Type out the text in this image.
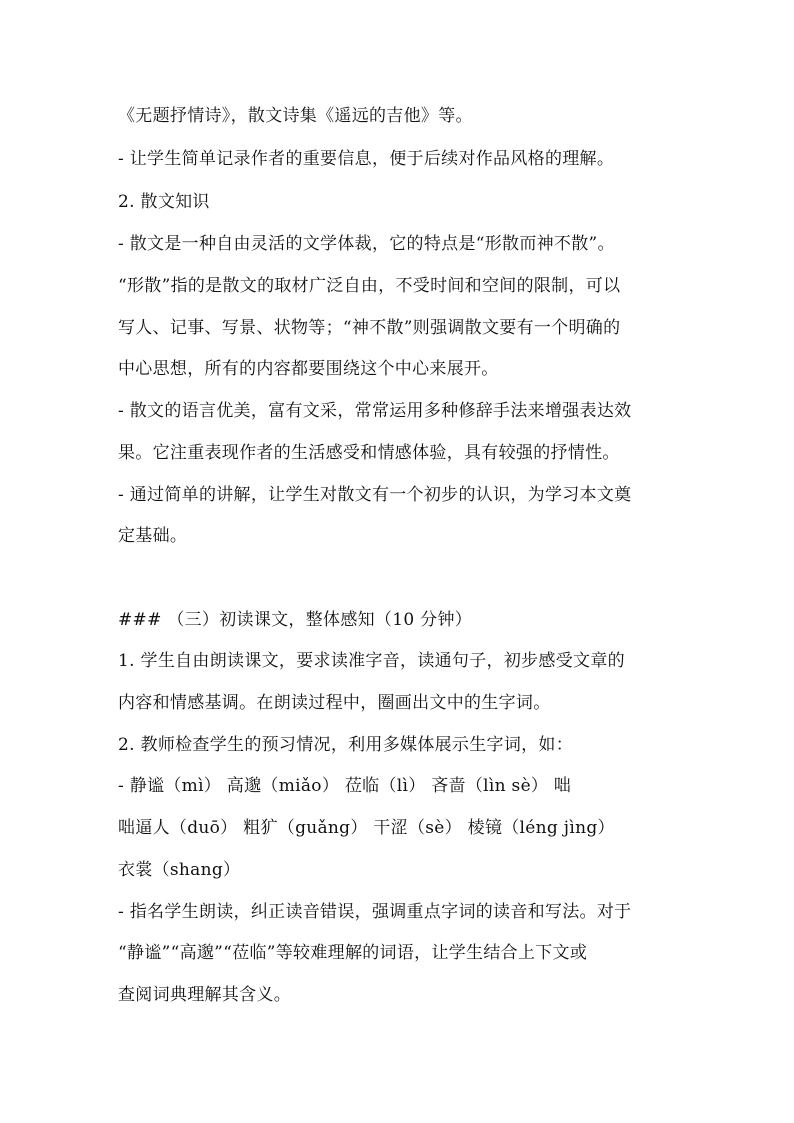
《无题抒情诗》，散文诗集《遥远的吉他》等。
- 让学生简单记录作者的重要信息，便于后续对作品风格的理解。
2. 散文知识
- 散文是一种自由灵活的文学体裁，它的特点是“形散而神不散”。
“形散”指的是散文的取材广泛自由，不受时间和空间的限制，可以
写人、记事、写景、状物等；“神不散”则强调散文要有一个明确的
中心思想，所有的内容都要围绕这个中心来展开。
- 散文的语言优美，富有文采，常常运用多种修辞手法来增强表达效
果。它注重表现作者的生活感受和情感体验，具有较强的抒情性。
- 通过简单的讲解，让学生对散文有一个初步的认识，为学习本文奠
定基础。
### （三）初读课文，整体感知（10 分钟）
1. 学生自由朗读课文，要求读准字音，读通句子，初步感受文章的
内容和情感基调。在朗读过程中，圈画出文中的生字词。
2. 教师检查学生的预习情况，利用多媒体展示生字词，如：
- 静谧（mì） 高邈（miǎo） 莅临（lì） 吝啬（lìn sè） 咄
咄逼人（duō） 粗犷（guǎng） 干涩（sè） 棱镜（léng jìng）
衣裳（shang）
- 指名学生朗读，纠正读音错误，强调重点字词的读音和写法。对于
“静谧”“高邈”“莅临”等较难理解的词语，让学生结合上下文或
查阅词典理解其含义。
